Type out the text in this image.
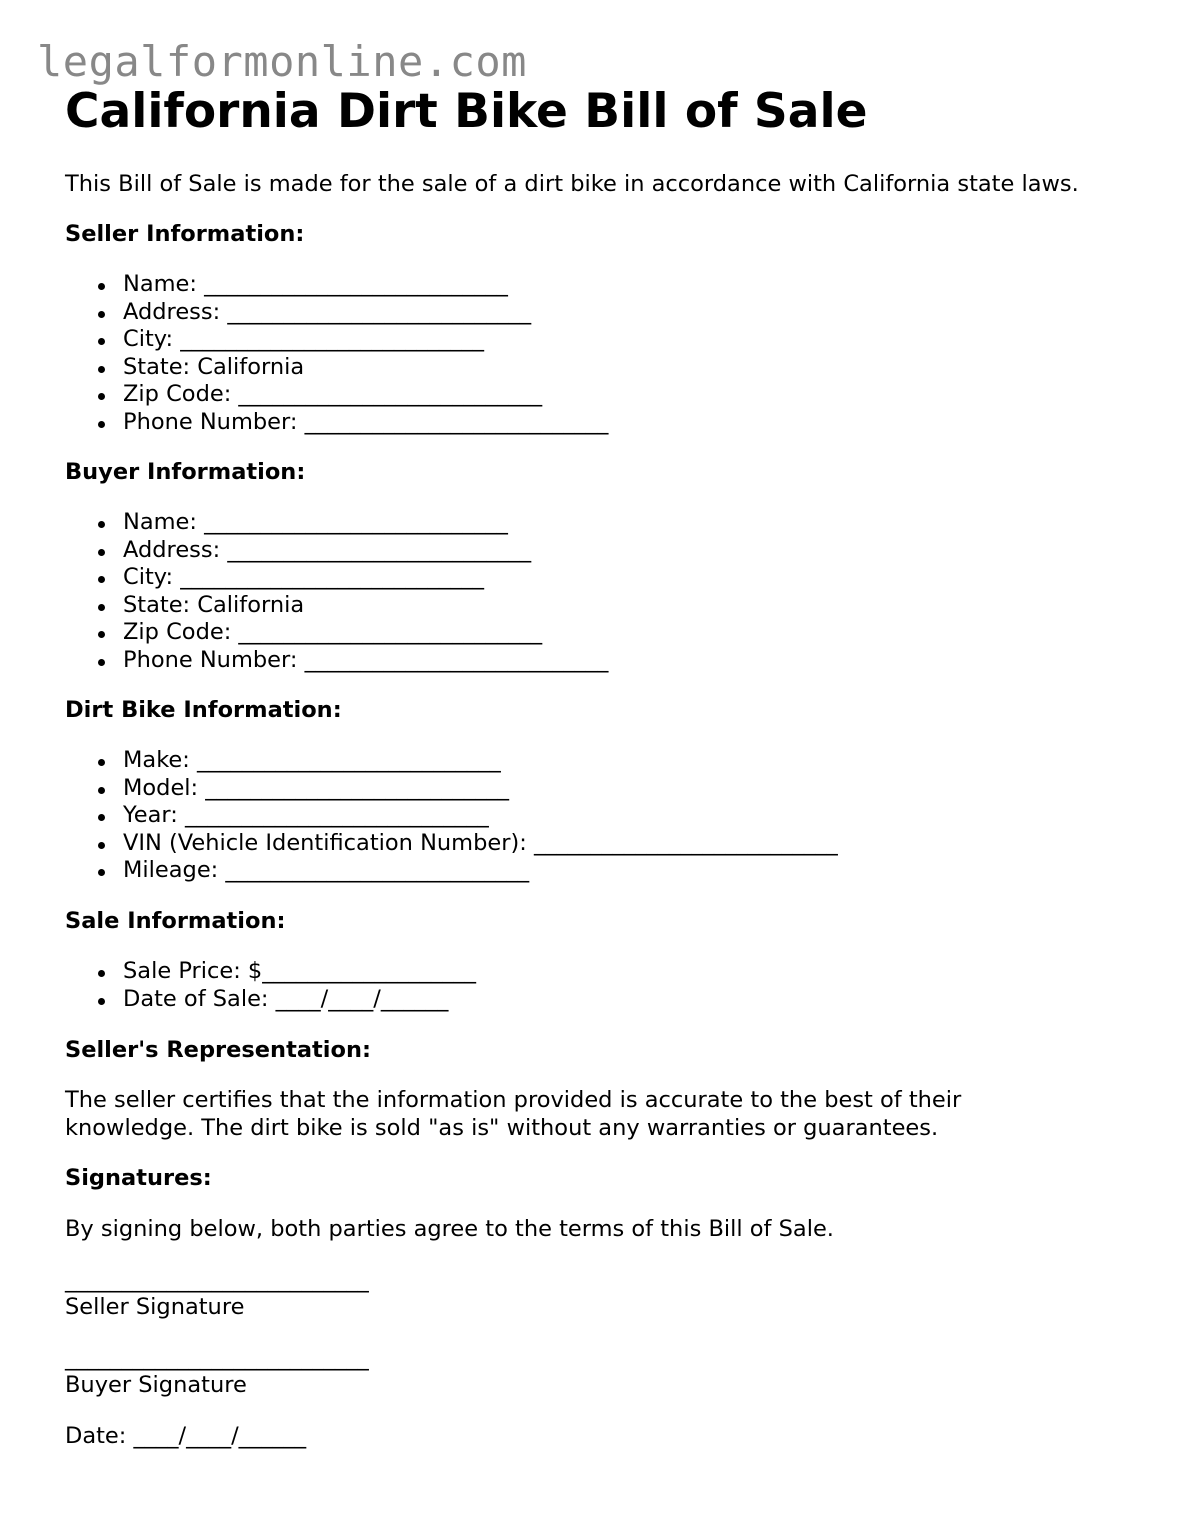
legalformonline.com
California Dirt Bike Bill of Sale
This Bill of Sale is made for the sale of a dirt bike in accordance with California state laws.
Seller Information:
Name: ___________________________
Address: ___________________________
City: ___________________________
State: California
Zip Code: ___________________________
Phone Number: ___________________________
Buyer Information:
Name: ___________________________
Address: ___________________________
City: ___________________________
State: California
Zip Code: ___________________________
Phone Number: ___________________________
Dirt Bike Information:
Make: ___________________________
Model: ___________________________
Year: ___________________________
VIN (Vehicle Identification Number): ___________________________
Mileage: ___________________________
Sale Information:
Sale Price: $___________________
Date of Sale: ____/____/______
Seller's Representation:
The seller certifies that the information provided is accurate to the best of their
knowledge. The dirt bike is sold "as is" without any warranties or guarantees.
Signatures:
By signing below, both parties agree to the terms of this Bill of Sale.
___________________________
Seller Signature
___________________________
Buyer Signature
Date: ____/____/______
